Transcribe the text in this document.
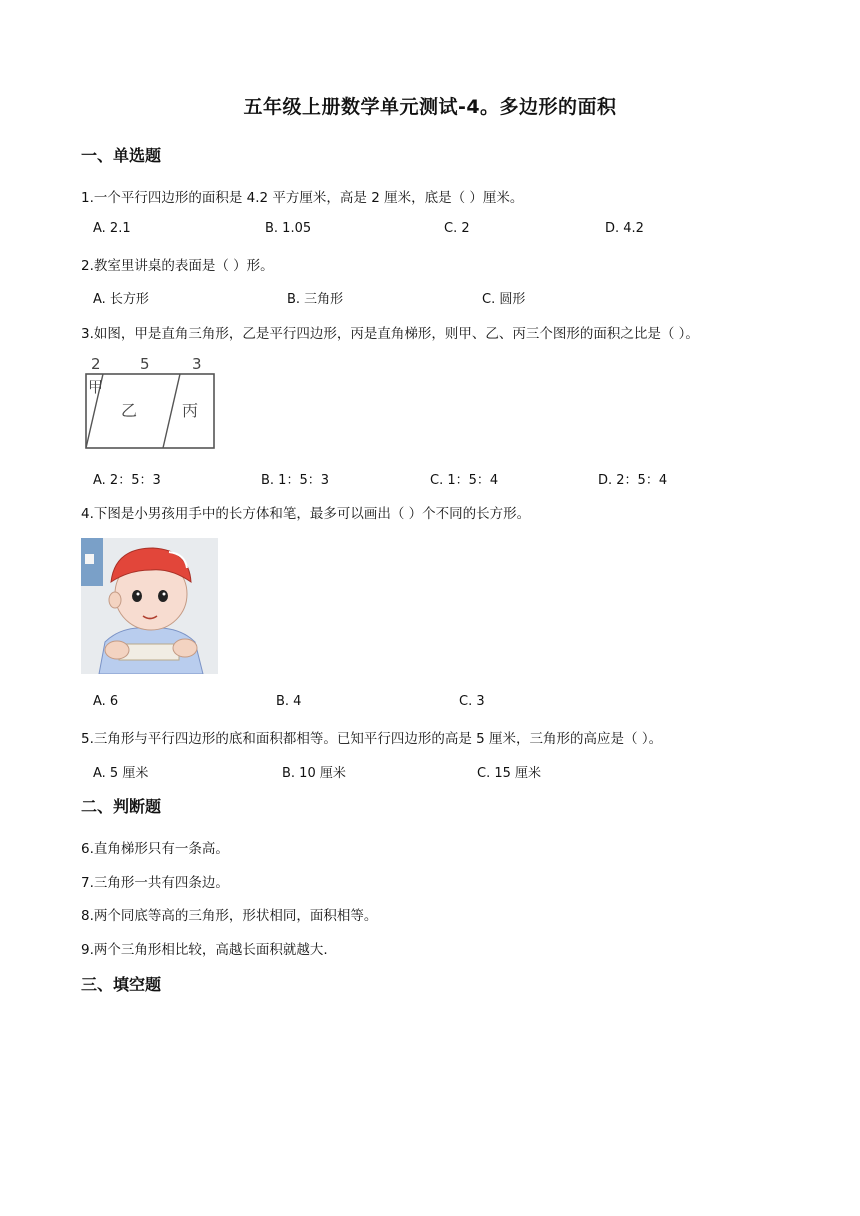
五年级上册数学单元测试-4。多边形的面积
一、单选题
1.一个平行四边形的面积是 4.2 平方厘米，高是 2 厘米，底是（ ）厘米。
A. 2.1	B. 1.05	C. 2	D. 4.2
2.教室里讲桌的表面是（ ）形。
A. 长方形	B. 三角形	C. 圆形
3.如图，甲是直角三角形，乙是平行四边形，丙是直角梯形，则甲、乙、丙三个图形的面积之比是（ ）。
2	5	3
甲
乙	丙
A. 2：5：3	B. 1：5：3	C. 1：5：4	D. 2：5：4
4.下图是小男孩用手中的长方体和笔，最多可以画出（ ）个不同的长方形。
A. 6	B. 4	C. 3
5.三角形与平行四边形的底和面积都相等。已知平行四边形的高是 5 厘米，三角形的高应是（ ）。
A. 5 厘米	B. 10 厘米	C. 15 厘米
二、判断题
6.直角梯形只有一条高。
7.三角形一共有四条边。
8.两个同底等高的三角形，形状相同，面积相等。
9.两个三角形相比较，高越长面积就越大.
三、填空题
